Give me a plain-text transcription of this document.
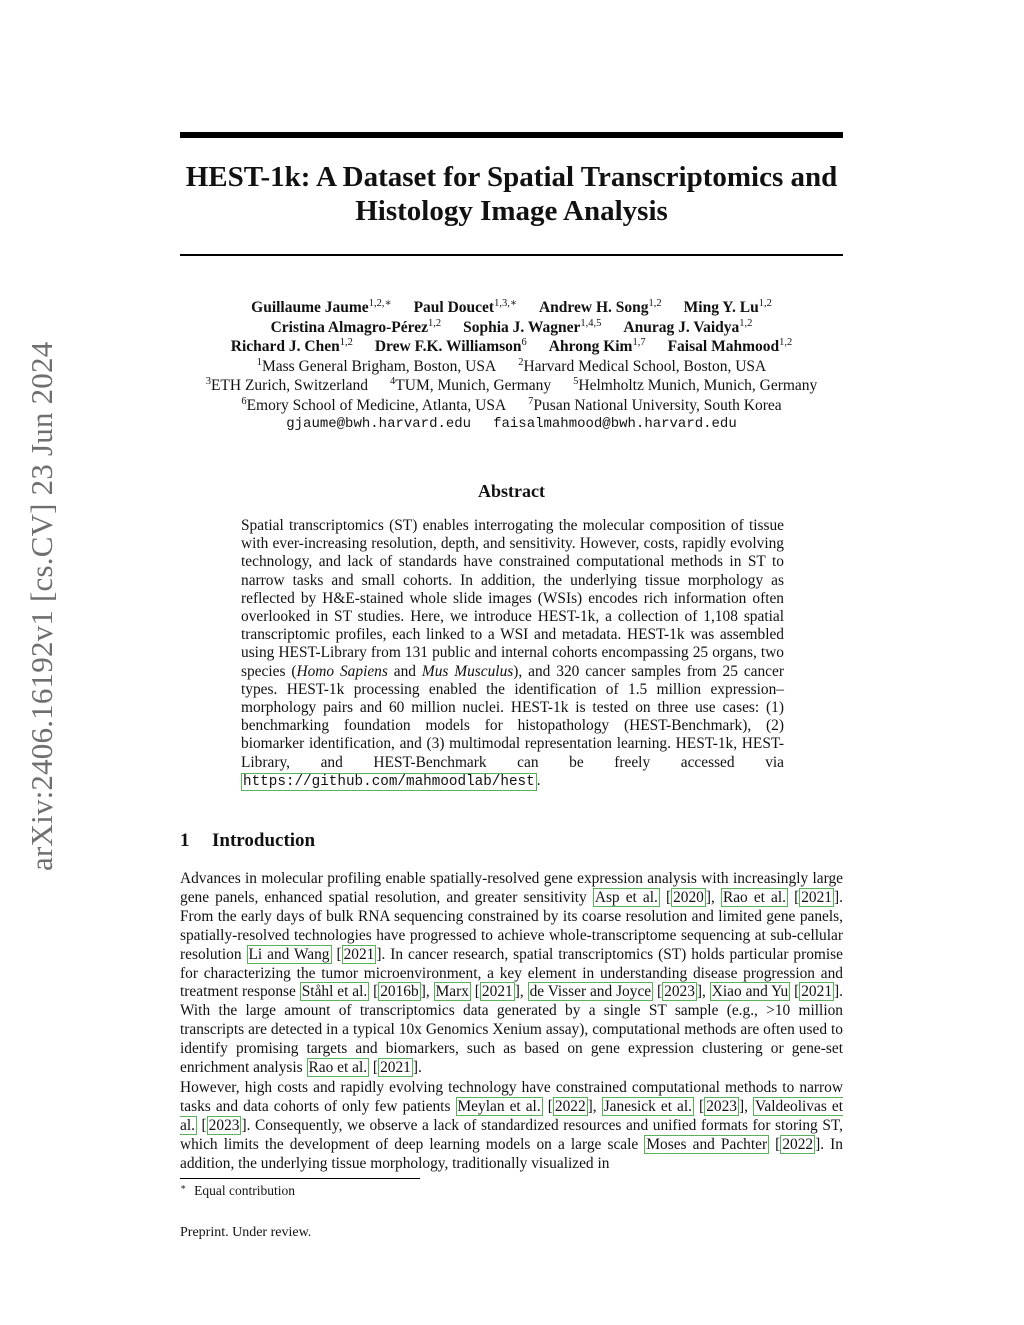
arXiv:2406.16192v1 [cs.CV] 23 Jun 2024
HEST-1k: A Dataset for Spatial Transcriptomics and Histology Image Analysis
Guillaume Jaume$^{1,2,∗}$ Paul Doucet$^{1,3,∗}$ Andrew H. Song$^{1,2}$ Ming Y. Lu$^{1,2}$
Cristina Almagro-Pérez$^{1,2}$ Sophia J. Wagner$^{1,4,5}$ Anurag J. Vaidya$^{1,2}$
Richard J. Chen$^{1,2}$ Drew F.K. Williamson$^6$ Ahrong Kim$^{1,7}$ Faisal Mahmood$^{1,2}$
$^1$Mass General Brigham, Boston, USA $^2$Harvard Medical School, Boston, USA
$^3$ETH Zurich, Switzerland $^4$TUM, Munich, Germany $^5$Helmholtz Munich, Munich, Germany
$^6$Emory School of Medicine, Atlanta, USA $^7$Pusan National University, South Korea
gjaume@bwh.harvard.edu faisalmahmood@bwh.harvard.edu
Abstract

Spatial transcriptomics (ST) enables interrogating the molecular composition of tissue with ever-increasing resolution, depth, and sensitivity. However, costs, rapidly evolving technology, and lack of standards have constrained computational methods in ST to narrow tasks and small cohorts. In addition, the underlying tissue morphology as reflected by H&E-stained whole slide images (WSIs) encodes rich information often overlooked in ST studies. Here, we introduce HEST-1k, a collection of 1,108 spatial transcriptomic profiles, each linked to a WSI and metadata. HEST-1k was assembled using HEST-Library from 131 public and internal cohorts encompassing 25 organs, two species (Homo Sapiens and Mus Musculus), and 320 cancer samples from 25 cancer types. HEST-1k processing enabled the identification of 1.5 million expression–morphology pairs and 60 million nuclei. HEST-1k is tested on three use cases: (1) benchmarking foundation models for histopathology (HEST-Benchmark), (2) biomarker identification, and (3) multimodal representation learning. HEST-1k, HEST-Library, and HEST-Benchmark can be freely accessed via https://github.com/mahmoodlab/hest .

1 Introduction

Advances in molecular profiling enable spatially-resolved gene expression analysis with increasingly large gene panels, enhanced spatial resolution, and greater sensitivity Asp et al. [ 2020 ], Rao et al. [ 2021 ]. From the early days of bulk RNA sequencing constrained by its coarse resolution and limited gene panels, spatially-resolved technologies have progressed to achieve whole-transcriptome sequencing at sub-cellular resolution Li and Wang [ 2021 ]. In cancer research, spatial transcriptomics (ST) holds particular promise for characterizing the tumor microenvironment, a key element in understanding disease progression and treatment response Ståhl et al. [ 2016b ], Marx [ 2021 ], de Visser and Joyce [ 2023 ], Xiao and Yu [ 2021 ]. With the large amount of transcriptomics data generated by a single ST sample (e.g., >10 million transcripts are detected in a typical 10x Genomics Xenium assay), computational methods are often used to identify promising targets and biomarkers, such as based on gene expression clustering or gene-set enrichment analysis Rao et al. [ 2021 ].

However, high costs and rapidly evolving technology have constrained computational methods to narrow tasks and data cohorts of only few patients Meylan et al. [ 2022 ], Janesick et al. [ 2023 ], Valdeolivas et al. [ 2023 ]. Consequently, we observe a lack of standardized resources and unified formats for storing ST, which limits the development of deep learning models on a large scale Moses and Pachter [ 2022 ]. In addition, the underlying tissue morphology, traditionally visualized in

∗ Equal contribution
Preprint. Under review.
